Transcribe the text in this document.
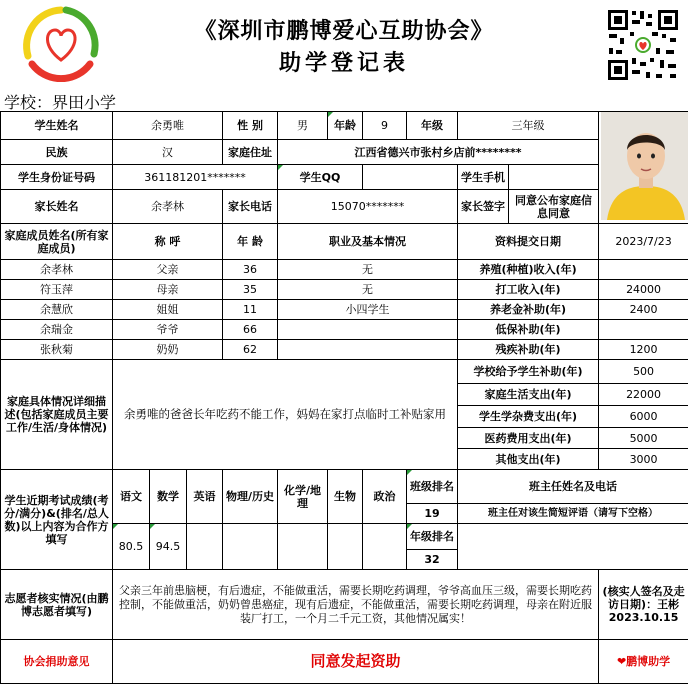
《深圳市鹏博爱心互助协会》
助学登记表
学校：界田小学
学生姓名	余勇唯			性 别	男	年龄	9	年级	三年级	
民族	汉			家庭住址	江西省德兴市张村乡店前********						
学生身份证号码	361181201*******				学生QQ				学生手机		
家长姓名	余孝林			家长电话	15070*******				家长签字	同意公布家庭信息同意	
家庭成员姓名(所有家庭成员)	称 呼			年 龄	职业及基本情况				资料提交日期		2023/7/23
余孝林	父亲			36	无				养殖(种植)收入(年)		
符玉萍	母亲			35	无				打工收入(年)		24000
余慧欣	姐姐			11	小四学生				养老金补助(年)		2400
余瑞金	爷爷			66					低保补助(年)		
张秋菊	奶奶			62					残疾补助(年)		1200
家庭具体情况详细描述(包括家庭成员主要工作/生活/身体情况)	余勇唯的爸爸长年吃药不能工作，妈妈在家打点临时工补贴家用								学校给予学生补助(年)		500
									家庭生活支出(年)		22000
									学生学杂费支出(年)		6000
									医药费用支出(年)		5000
									其他支出(年)		3000
学生近期考试成绩(考分/满分)&(排名/总人数)以上内容为合作方填写	语文	数学	英语	物理/历史	化学/地理	生物	政治	班级排名	班主任姓名及电话		
								19	班主任对该生简短评语（请写下空格）		
	80.5	94.5						年级排名			
								32			
志愿者核实情况(由鹏博志愿者填写)	父亲三年前患脑梗，有后遗症，不能做重活，需要长期吃药调理，爷爷高血压三级，需要长期吃药控制，不能做重活，奶奶曾患癌症，现有后遗症，不能做重活，需要长期吃药调理，母亲在附近服装厂打工，一个月二千元工资，其他情况属实！										(核实人签名及走访日期)：王彬2023.10.15
协会捐助意见	同意发起资助										❤鹏博助学
